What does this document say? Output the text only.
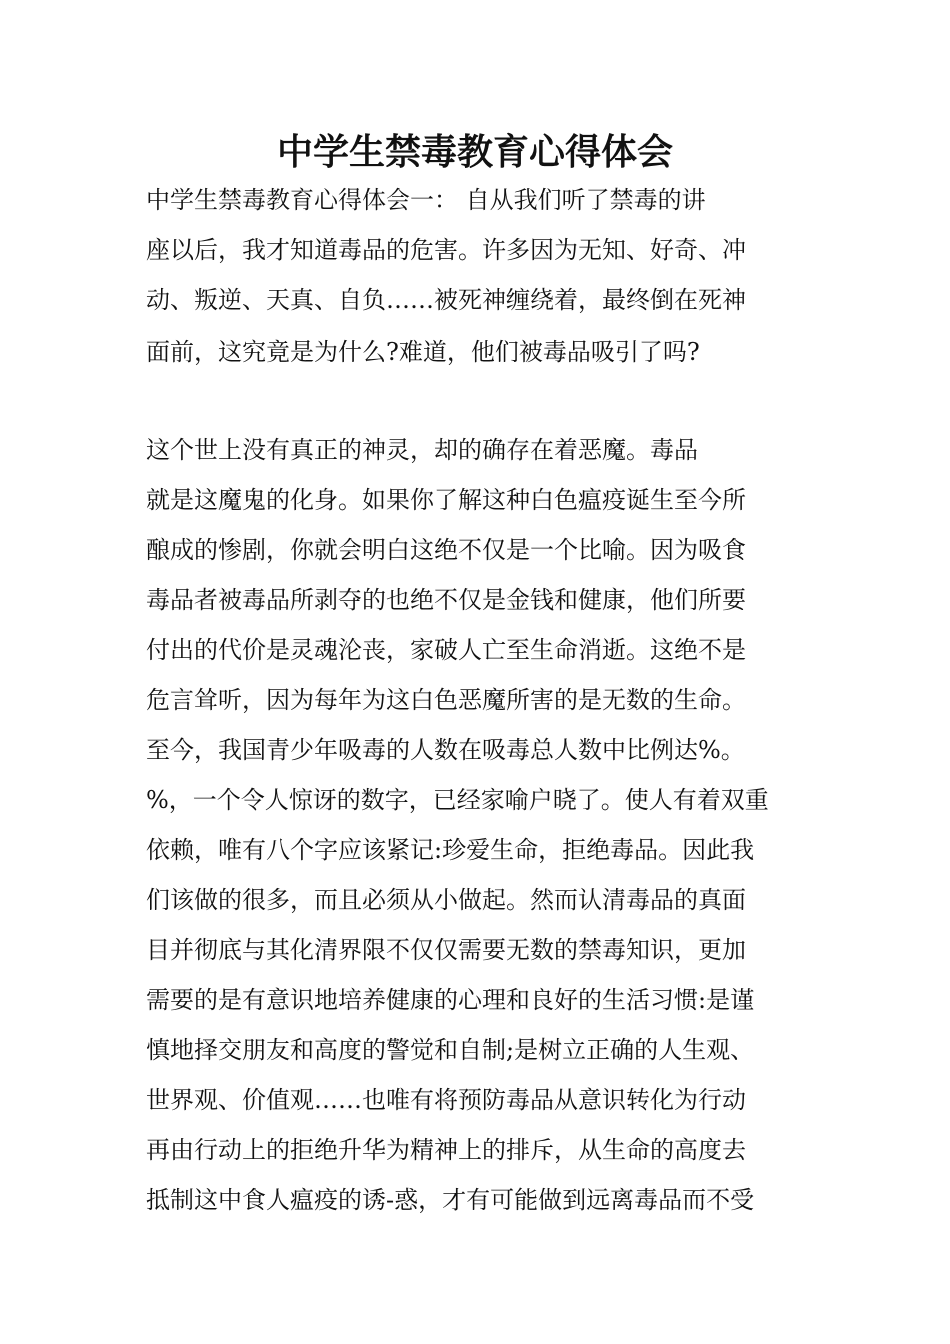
中学生禁毒教育心得体会
中学生禁毒教育心得体会一： 自从我们听了禁毒的讲
座以后，我才知道毒品的危害。许多因为无知、好奇、冲
动、叛逆、天真、自负……被死神缠绕着，最终倒在死神
面前，这究竟是为什么?难道，他们被毒品吸引了吗?
这个世上没有真正的神灵，却的确存在着恶魔。毒品
就是这魔鬼的化身。如果你了解这种白色瘟疫诞生至今所
酿成的惨剧，你就会明白这绝不仅是一个比喻。因为吸食
毒品者被毒品所剥夺的也绝不仅是金钱和健康，他们所要
付出的代价是灵魂沦丧，家破人亡至生命消逝。这绝不是
危言耸听，因为每年为这白色恶魔所害的是无数的生命。
至今，我国青少年吸毒的人数在吸毒总人数中比例达%。
%，一个令人惊讶的数字，已经家喻户晓了。使人有着双重
依赖，唯有八个字应该紧记:珍爱生命，拒绝毒品。因此我
们该做的很多，而且必须从小做起。然而认清毒品的真面
目并彻底与其化清界限不仅仅需要无数的禁毒知识，更加
需要的是有意识地培养健康的心理和良好的生活习惯:是谨
慎地择交朋友和高度的警觉和自制;是树立正确的人生观、
世界观、价值观……也唯有将预防毒品从意识转化为行动
再由行动上的拒绝升华为精神上的排斥，从生命的高度去
抵制这中食人瘟疫的诱-惑，才有可能做到远离毒品而不受
